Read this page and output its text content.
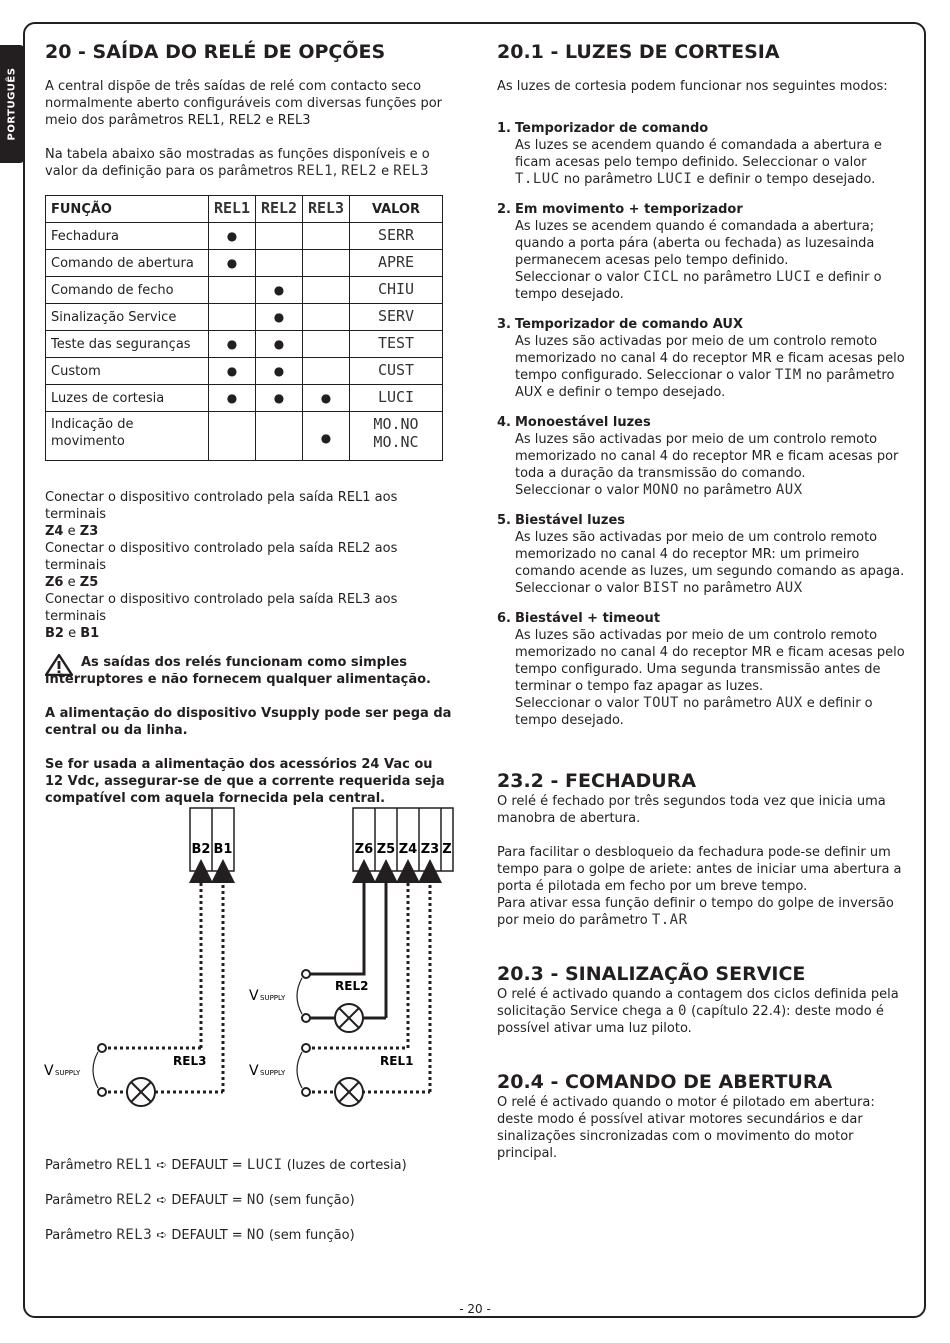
PORTUGUÊS
20 - SAÍDA DO RELÉ DE OPÇÕES

A central dispõe de três saídas de relé com contacto seco normalmente aberto configuráveis com diversas funções por meio dos parâmetros REL1, REL2 e REL3

Na tabela abaixo são mostradas as funções disponíveis e o valor da definição para os parâmetros REL1, REL2 e REL3

FUNÇÃO	REL1	REL2	REL3	VALOR
Fechadura	●			SERR
Comando de abertura	●			APRE
Comando de fecho		●		CHIU
Sinalização Service		●		SERV
Teste das seguranças	●	●		TEST
Custom	●	●		CUST
Luzes de cortesia	●	●	●	LUCI
Indicação de movimento			●	MO.NO
MO.NC

Conectar o dispositivo controlado pela saída REL1 aos terminais
Z4 e Z3

Conectar o dispositivo controlado pela saída REL2 aos terminais
Z6 e Z5

Conectar o dispositivo controlado pela saída REL3 aos terminais
B2 e B1

As saídas dos relés funcionam como simples interruptores e não fornecem qualquer alimentação.

A alimentação do dispositivo Vsupply pode ser pega da central ou da linha.

Se for usada a alimentação dos acessórios 24 Vac ou 12 Vdc, assegurar-se de que a corrente requerida seja compatível com aquela fornecida pela central.

B2 B1	Z6 Z5 Z4 Z3 Z
REL3
V SUPPLY
REL2
V SUPPLY
REL1
V SUPPLY
Parâmetro REL1 ➪ DEFAULT = LUCI (luzes de cortesia)
Parâmetro REL2 ➪ DEFAULT = NO (sem função)
Parâmetro REL3 ➪ DEFAULT = NO (sem função)
20.1 - LUZES DE CORTESIA

As luzes de cortesia podem funcionar nos seguintes modos:

1. Temporizador de comando
As luzes se acendem quando é comandada a abertura e ficam acesas pelo tempo definido. Seleccionar o valor T.LUC no parâmetro LUCI e definir o tempo desejado.
2. Em movimento + temporizador
As luzes se acendem quando é comandada a abertura; quando a porta pára (aberta ou fechada) as luzesainda permanecem acesas pelo tempo definido.
Seleccionar o valor CICL no parâmetro LUCI e definir o tempo desejado.
3. Temporizador de comando AUX
As luzes são activadas por meio de um controlo remoto memorizado no canal 4 do receptor MR e ficam acesas pelo tempo configurado. Seleccionar o valor TIM no parâmetro AUX e definir o tempo desejado.
4. Monoestável luzes
As luzes são activadas por meio de um controlo remoto memorizado no canal 4 do receptor MR e ficam acesas por toda a duração da transmissão do comando.
Seleccionar o valor MONO no parâmetro AUX
5. Biestável luzes
As luzes são activadas por meio de um controlo remoto memorizado no canal 4 do receptor MR: um primeiro comando acende as luzes, um segundo comando as apaga.
Seleccionar o valor BIST no parâmetro AUX
6. Biestável + timeout
As luzes são activadas por meio de um controlo remoto memorizado no canal 4 do receptor MR e ficam acesas pelo tempo configurado. Uma segunda transmissão antes de terminar o tempo faz apagar as luzes.
Seleccionar o valor TOUT no parâmetro AUX e definir o tempo desejado.
23.2 - FECHADURA

O relé é fechado por três segundos toda vez que inicia uma manobra de abertura.

Para facilitar o desbloqueio da fechadura pode-se definir um tempo para o golpe de ariete: antes de iniciar uma abertura a porta é pilotada em fecho por um breve tempo.

Para ativar essa função definir o tempo do golpe de inversão por meio do parâmetro T.AR

20.3 - SINALIZAÇÃO SERVICE

O relé é activado quando a contagem dos ciclos definida pela solicitação Service chega a 0 (capítulo 22.4): deste modo é possível ativar uma luz piloto.

20.4 - COMANDO DE ABERTURA

O relé é activado quando o motor é pilotado em abertura: deste modo é possível ativar motores secundários e dar sinalizações sincronizadas com o movimento do motor principal.

- 20 -
